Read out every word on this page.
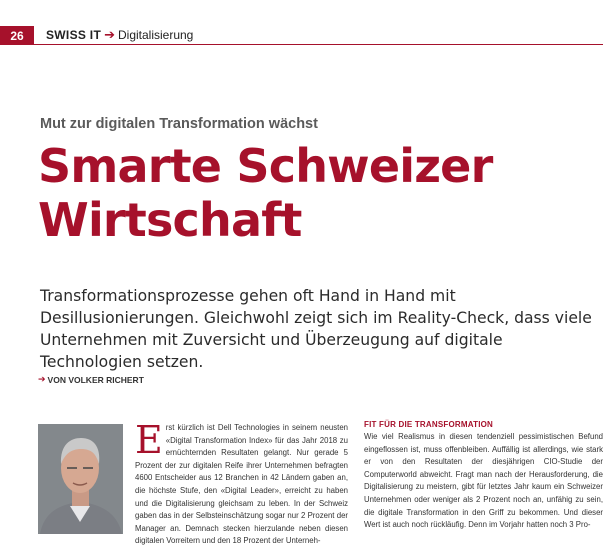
26	SWISS IT ➔ Digitalisierung
Mut zur digitalen Transformation wächst
Smarte Schweizer Wirtschaft

Transformationsprozesse gehen oft Hand in Hand mit Desillusionierungen. Gleichwohl zeigt sich im Reality-Check, dass viele Unternehmen mit Zuversicht und Überzeugung auf digitale Technologien setzen.

➔ VON VOLKER RICHERT

Erst kürzlich ist Dell Technologies in seinem neusten «Digital Transformation Index» für das Jahr 2018 zu ernüchternden Resultaten gelangt. Nur gerade 5 Prozent der zur digitalen Reife ihrer Unternehmen befragten 4600 Entscheider aus 12 Branchen in 42 Ländern gaben an, die höchste Stufe, den «Digital Leader», erreicht zu haben und die Digitalisierung gleichsam zu leben. In der Schweiz gaben das in der Selbsteinschätzung sogar nur 2 Prozent der Manager an. Demnach stecken hierzulande neben diesen digitalen Vorreitern und den 18 Prozent der Unterneh-

FIT FÜR DIE TRANSFORMATION

Wie viel Realismus in diesen tendenziell pessimistischen Befund eingeflossen ist, muss offenbleiben. Auffällig ist allerdings, wie stark er von den Resultaten der diesjährigen CIO-Studie der Computerworld abweicht. Fragt man nach der Herausforderung, die Digitalisierung zu meistern, gibt für letztes Jahr kaum ein Schweizer Unternehmen oder weniger als 2 Prozent noch an, unfähig zu sein, die digitale Transformation in den Griff zu bekommen. Und dieser Wert ist auch noch rückläufig. Denn im Vorjahr hatten noch 3 Pro-
